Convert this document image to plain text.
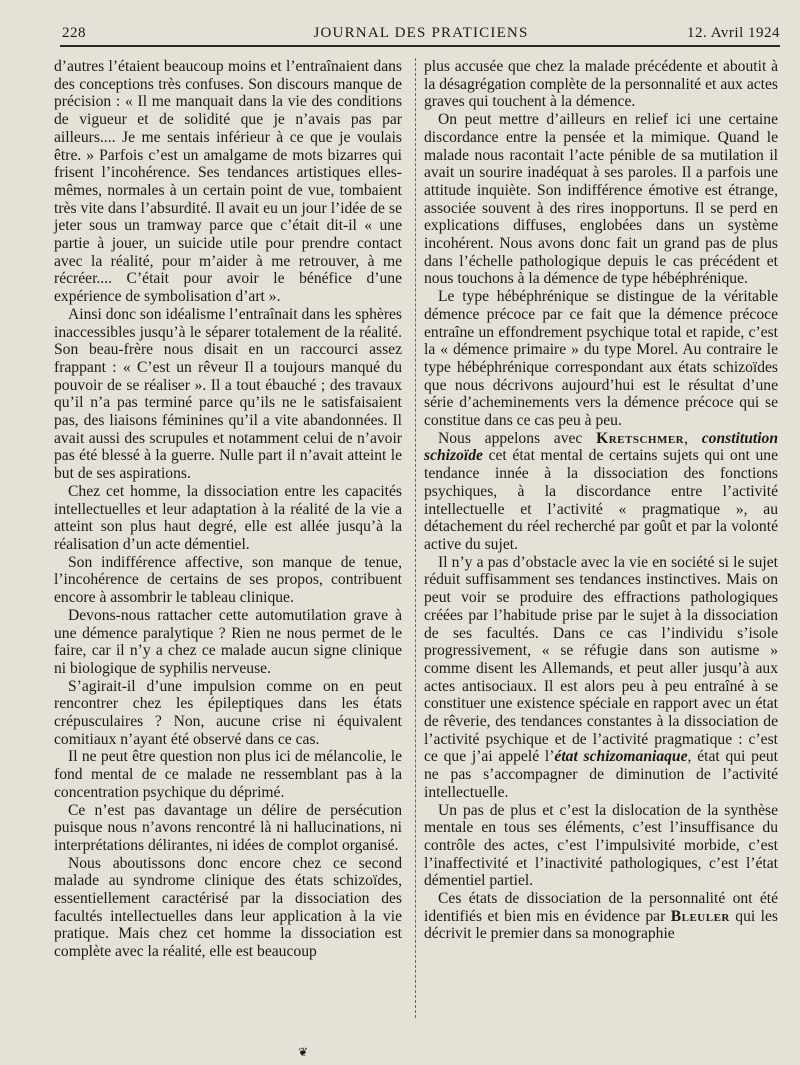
228	JOURNAL DES PRATICIENS	12. Avril 1924

d’autres l’étaient beaucoup moins et l’entraînaient dans des conceptions très confuses. Son discours manque de précision : « Il me manquait dans la vie des conditions de vigueur et de solidité que je n’avais pas par ailleurs.... Je me sentais inférieur à ce que je voulais être. » Parfois c’est un amalgame de mots bizarres qui frisent l’incohérence. Ses tendances artistiques elles-mêmes, normales à un certain point de vue, tombaient très vite dans l’absurdité. Il avait eu un jour l’idée de se jeter sous un tramway parce que c’était dit-il « une partie à jouer, un suicide utile pour prendre contact avec la réalité, pour m’aider à me retrouver, à me récréer.... C’était pour avoir le bénéfice d’une expérience de symbolisation d’art ».

Ainsi donc son idéalisme l’entraînait dans les sphères inaccessibles jusqu’à le séparer totalement de la réalité. Son beau-frère nous disait en un raccourci assez frappant : « C’est un rêveur Il a toujours manqué du pouvoir de se réaliser ». Il a tout ébauché ; des travaux qu’il n’a pas terminé parce qu’ils ne le satisfaisaient pas, des liaisons féminines qu’il a vite abandonnées. Il avait aussi des scrupules et notamment celui de n’avoir pas été blessé à la guerre. Nulle part il n’avait atteint le but de ses aspirations.

Chez cet homme, la dissociation entre les capacités intellectuelles et leur adaptation à la réalité de la vie a atteint son plus haut degré, elle est allée jusqu’à la réalisation d’un acte démentiel.

Son indifférence affective, son manque de tenue, l’incohérence de certains de ses propos, contribuent encore à assombrir le tableau clinique.

Devons-nous rattacher cette automutilation grave à une démence paralytique ? Rien ne nous permet de le faire, car il n’y a chez ce malade aucun signe clinique ni biologique de syphilis nerveuse.

S’agirait-il d’une impulsion comme on en peut rencontrer chez les épileptiques dans les états crépusculaires ? Non, aucune crise ni équivalent comitiaux n’ayant été observé dans ce cas.

Il ne peut être question non plus ici de mélancolie, le fond mental de ce malade ne ressemblant pas à la concentration psychique du déprimé.

Ce n’est pas davantage un délire de persécution puisque nous n’avons rencontré là ni hallucinations, ni interprétations délirantes, ni idées de complot organisé.

Nous aboutissons donc encore chez ce second malade au syndrome clinique des états schizoïdes, essentiellement caractérisé par la dissociation des facultés intellectuelles dans leur application à la vie pratique. Mais chez cet homme la dissociation est complète avec la réalité, elle est beaucoup

plus accusée que chez la malade précédente et aboutit à la désagrégation complète de la personnalité et aux actes graves qui touchent à la démence.

On peut mettre d’ailleurs en relief ici une certaine discordance entre la pensée et la mimique. Quand le malade nous racontait l’acte pénible de sa mutilation il avait un sourire inadéquat à ses paroles. Il a parfois une attitude inquiète. Son indifférence émotive est étrange, associée souvent à des rires inopportuns. Il se perd en explications diffuses, englobées dans un système incohérent. Nous avons donc fait un grand pas de plus dans l’échelle pathologique depuis le cas précédent et nous touchons à la démence de type hébéphrénique.

Le type hébéphrénique se distingue de la véritable démence précoce par ce fait que la démence précoce entraîne un effondrement psychique total et rapide, c’est la « démence primaire » du type Morel. Au contraire le type hébéphrénique correspondant aux états schizoïdes que nous décrivons aujourd’hui est le résultat d’une série d’acheminements vers la démence précoce qui se constitue dans ce cas peu à peu.

Nous appelons avec Kretschmer, constitution schizoïde cet état mental de certains sujets qui ont une tendance innée à la dissociation des fonctions psychiques, à la discordance entre l’activité intellectuelle et l’activité « pragmatique », au détachement du réel recherché par goût et par la volonté active du sujet.

Il n’y a pas d’obstacle avec la vie en société si le sujet réduit suffisamment ses tendances instinctives. Mais on peut voir se produire des effractions pathologiques créées par l’habitude prise par le sujet à la dissociation de ses facultés. Dans ce cas l’individu s’isole progressivement, « se réfugie dans son autisme » comme disent les Allemands, et peut aller jusqu’à aux actes antisociaux. Il est alors peu à peu entraîné à se constituer une existence spéciale en rapport avec un état de rêverie, des tendances constantes à la dissociation de l’activité psychique et de l’activité pragmatique : c’est ce que j’ai appelé l’état schizomaniaque, état qui peut ne pas s’accompagner de diminution de l’activité intellectuelle.

Un pas de plus et c’est la dislocation de la synthèse mentale en tous ses éléments, c’est l’insuffisance du contrôle des actes, c’est l’impulsivité morbide, c’est l’inaffectivité et l’inactivité pathologiques, c’est l’état démentiel partiel.

Ces états de dissociation de la personnalité ont été identifiés et bien mis en évidence par Bleuler qui les décrivit le premier dans sa monographie

❦
